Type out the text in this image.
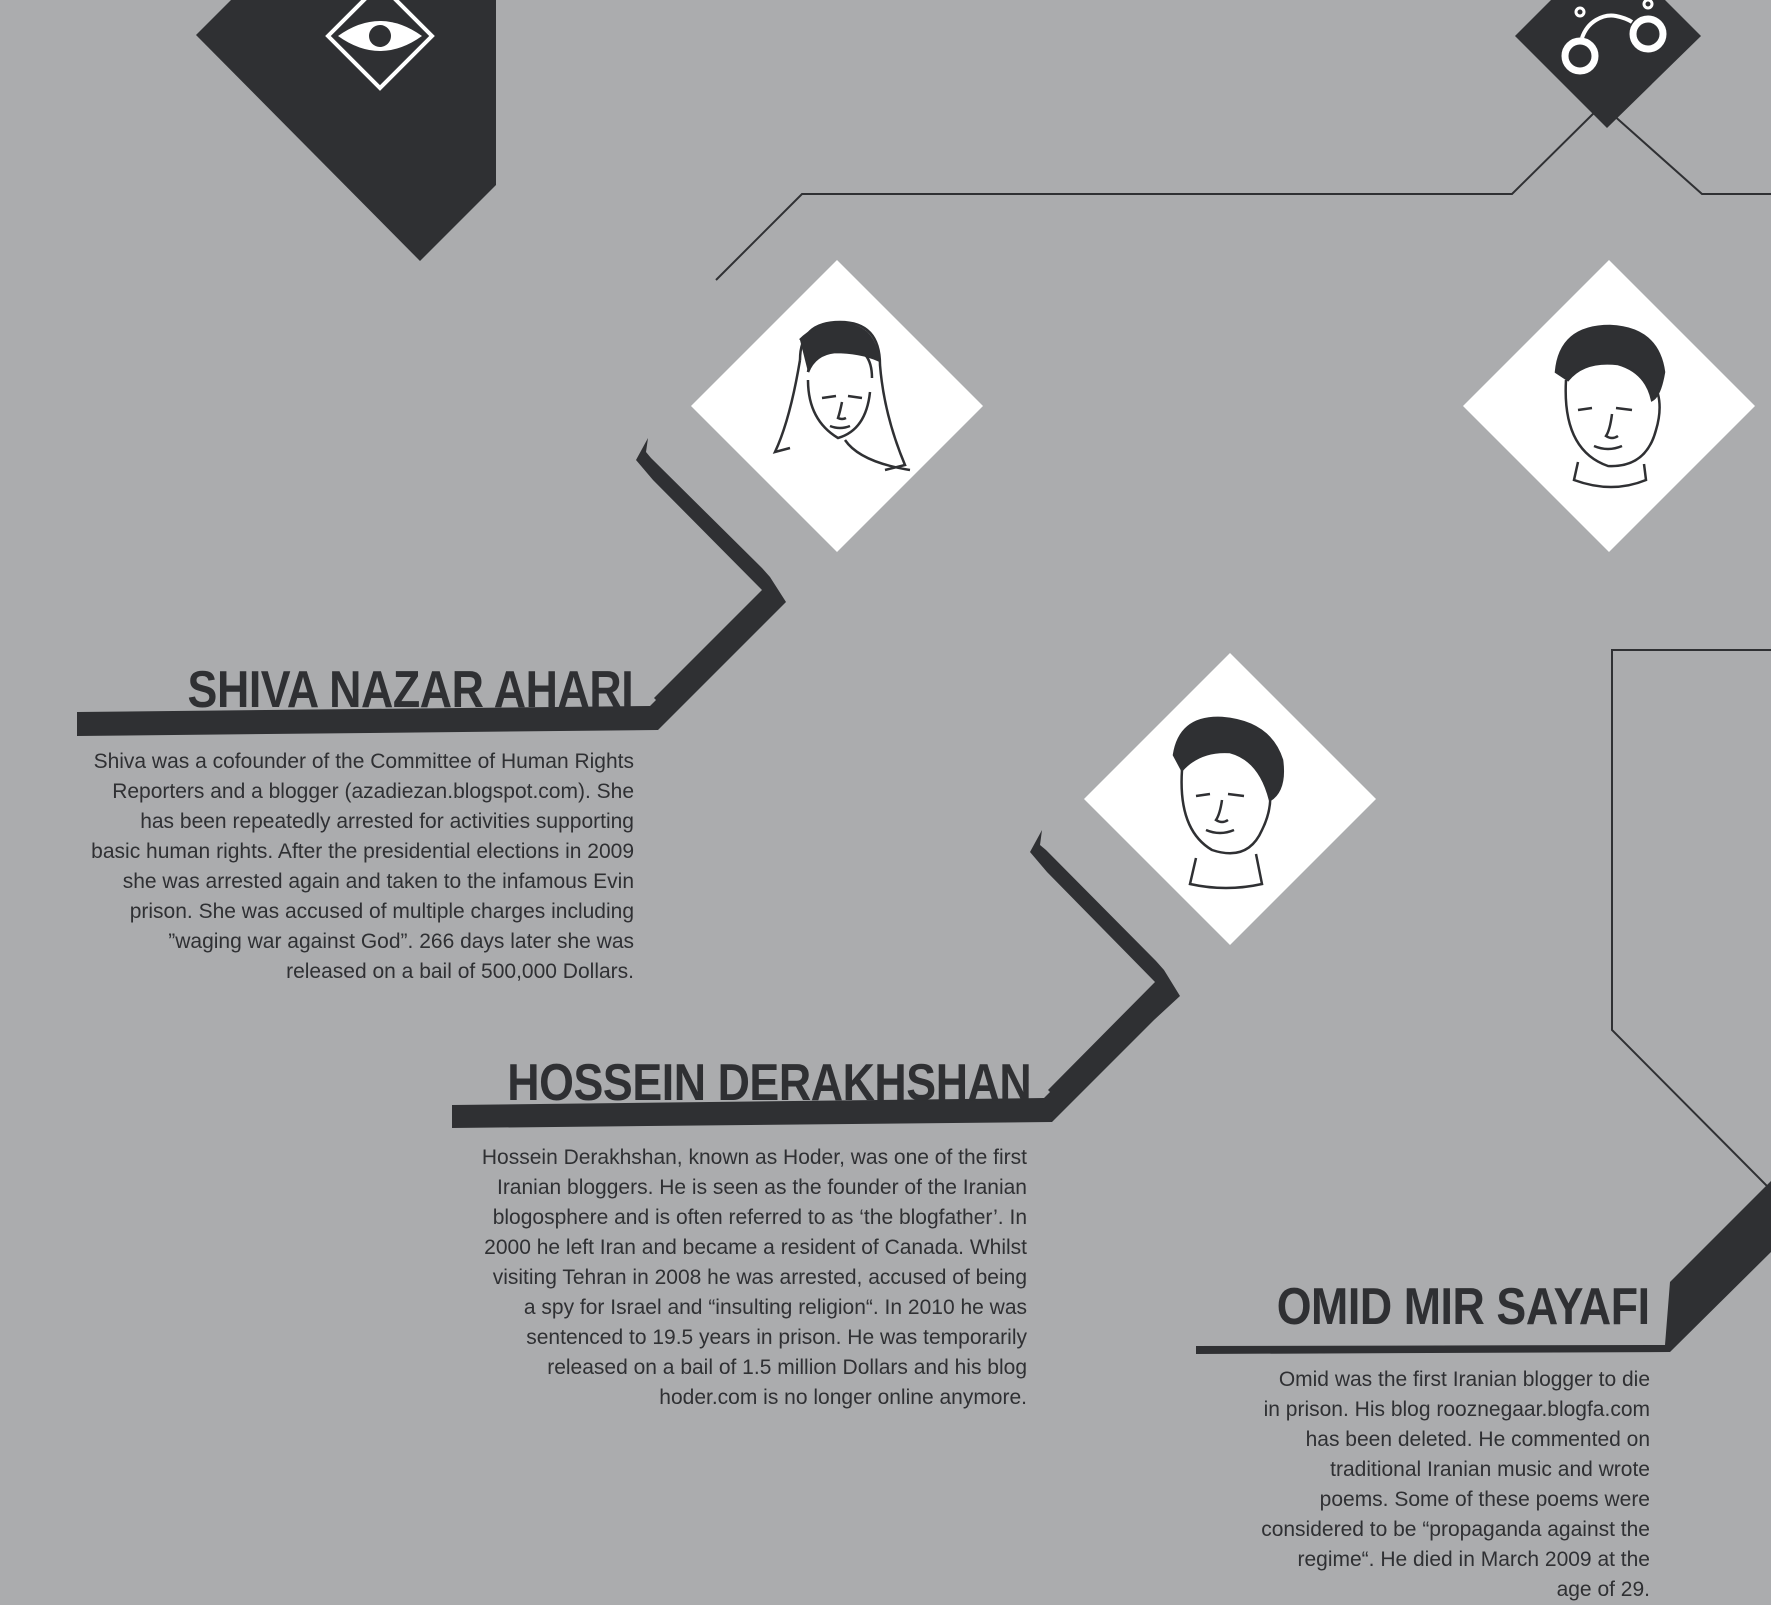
SHIVA NAZAR AHARI

Shiva was a cofounder of the Committee of Human Rights Reporters and a blogger (azadiezan.blogspot.com). She has been repeatedly arrested for activities supporting basic human rights. After the presidential elections in 2009 she was arrested again and taken to the infamous Evin prison. She was accused of multiple charges including ”waging war against God”. 266 days later she was released on a bail of 500,000 Dollars.

HOSSEIN DERAKHSHAN

Hossein Derakhshan, known as Hoder, was one of the first Iranian bloggers. He is seen as the founder of the Iranian blogosphere and is often referred to as ‘the blogfather’. In 2000 he left Iran and became a resident of Canada. Whilst visiting Tehran in 2008 he was arrested, accused of being a spy for Israel and “insulting religion“. In 2010 he was sentenced to 19.5 years in prison. He was temporarily released on a bail of 1.5 million Dollars and his blog hoder.com is no longer online anymore.

OMID MIR SAYAFI

Omid was the first Iranian blogger to die in prison. His blog rooznegaar.blogfa.com has been deleted. He commented on traditional Iranian music and wrote poems. Some of these poems were considered to be “propaganda against the regime“. He died in March 2009 at the age of 29.
